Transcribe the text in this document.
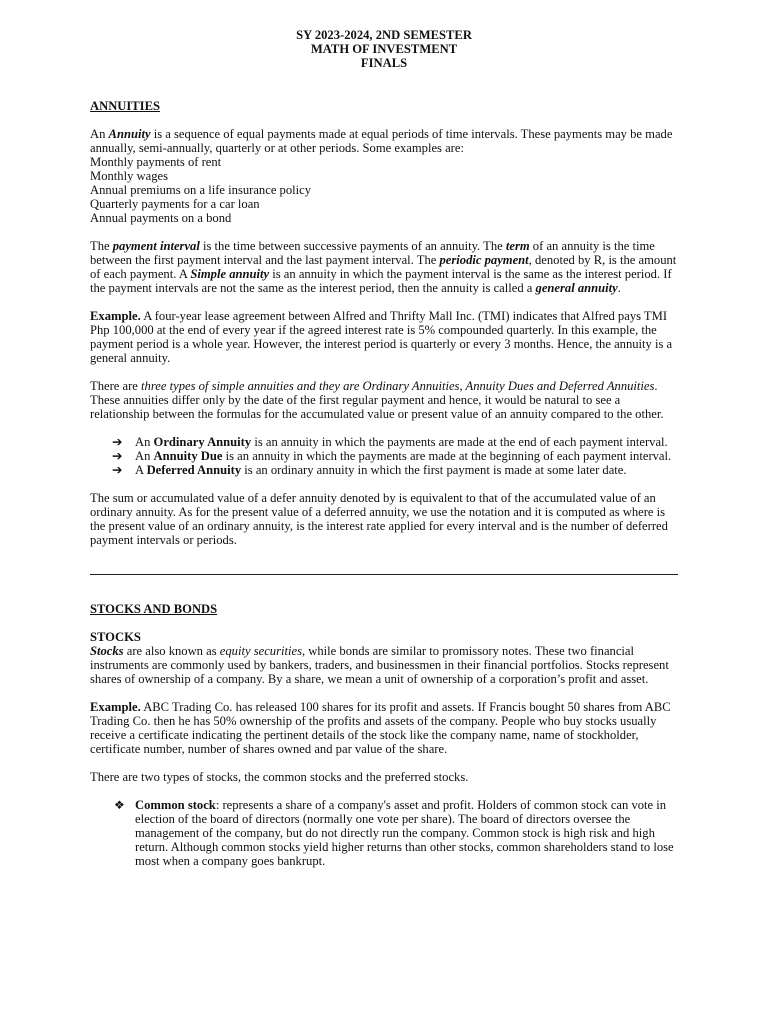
SY 2023-2024, 2ND SEMESTER
MATH OF INVESTMENT
FINALS

ANNUITIES

An Annuity is a sequence of equal payments made at equal periods of time intervals. These payments may be made annually, semi-annually, quarterly or at other periods. Some examples are:

Monthly payments of rent
Monthly wages
Annual premiums on a life insurance policy
Quarterly payments for a car loan
Annual payments on a bond

The payment interval is the time between successive payments of an annuity. The term of an annuity is the time between the first payment interval and the last payment interval. The periodic payment, denoted by R, is the amount of each payment. A Simple annuity is an annuity in which the payment interval is the same as the interest period. If the payment intervals are not the same as the interest period, then the annuity is called a general annuity.

Example. A four-year lease agreement between Alfred and Thrifty Mall Inc. (TMI) indicates that Alfred pays TMI Php 100,000 at the end of every year if the agreed interest rate is 5% compounded quarterly. In this example, the payment period is a whole year. However, the interest period is quarterly or every 3 months. Hence, the annuity is a general annuity.

There are three types of simple annuities and they are Ordinary Annuities, Annuity Dues and Deferred Annuities. These annuities differ only by the date of the first regular payment and hence, it would be natural to see a relationship between the formulas for the accumulated value or present value of an annuity compared to the other.

➔ An Ordinary Annuity is an annuity in which the payments are made at the end of each payment interval.
➔ An Annuity Due is an annuity in which the payments are made at the beginning of each payment interval.
➔ A Deferred Annuity is an ordinary annuity in which the first payment is made at some later date.

The sum or accumulated value of a defer annuity denoted by is equivalent to that of the accumulated value of an ordinary annuity. As for the present value of a deferred annuity, we use the notation and it is computed as where is the present value of an ordinary annuity, is the interest rate applied for every interval and is the number of deferred payment intervals or periods.

STOCKS AND BONDS

STOCKS

Stocks are also known as equity securities, while bonds are similar to promissory notes. These two financial instruments are commonly used by bankers, traders, and businessmen in their financial portfolios. Stocks represent shares of ownership of a company. By a share, we mean a unit of ownership of a corporation’s profit and asset.

Example. ABC Trading Co. has released 100 shares for its profit and assets. If Francis bought 50 shares from ABC Trading Co. then he has 50% ownership of the profits and assets of the company. People who buy stocks usually receive a certificate indicating the pertinent details of the stock like the company name, name of stockholder, certificate number, number of shares owned and par value of the share.

There are two types of stocks, the common stocks and the preferred stocks.

❖ Common stock: represents a share of a company's asset and profit. Holders of common stock can vote in election of the board of directors (normally one vote per share). The board of directors oversee the management of the company, but do not directly run the company. Common stock is high risk and high return. Although common stocks yield higher returns than other stocks, common shareholders stand to lose most when a company goes bankrupt.
